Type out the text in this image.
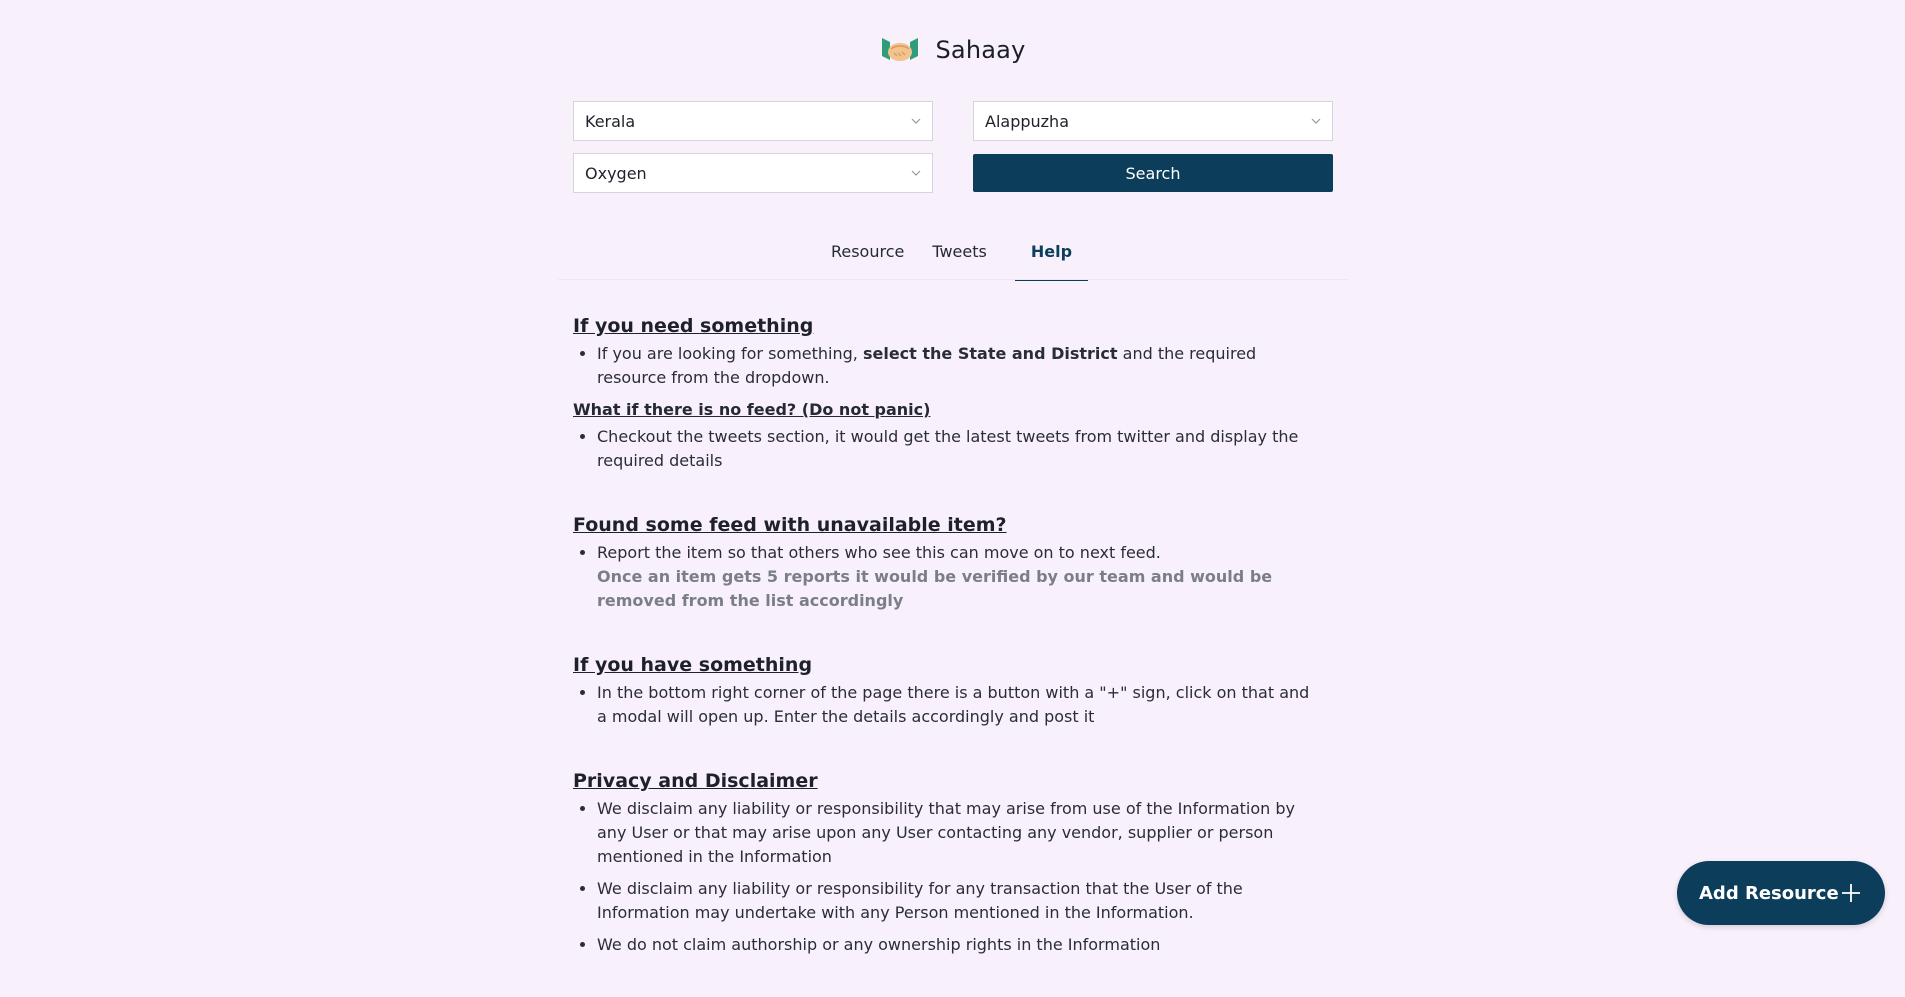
Sahaay
Kerala	Alappuzha
Oxygen	Search
Resource	Tweets	Help
If you need something
• If you are looking for something, select the State and District and the required resource from the dropdown.
What if there is no feed? (Do not panic)
• Checkout the tweets section, it would get the latest tweets from twitter and display the required details
Found some feed with unavailable item?
• Report the item so that others who see this can move on to next feed.
Once an item gets 5 reports it would be verified by our team and would be removed from the list accordingly
If you have something
• In the bottom right corner of the page there is a button with a "+" sign, click on that and a modal will open up. Enter the details accordingly and post it
Privacy and Disclaimer
• We disclaim any liability or responsibility that may arise from use of the Information by any User or that may arise upon any User contacting any vendor, supplier or person mentioned in the Information
• We disclaim any liability or responsibility for any transaction that the User of the Information may undertake with any Person mentioned in the Information.
• We do not claim authorship or any ownership rights in the Information
Add Resource
